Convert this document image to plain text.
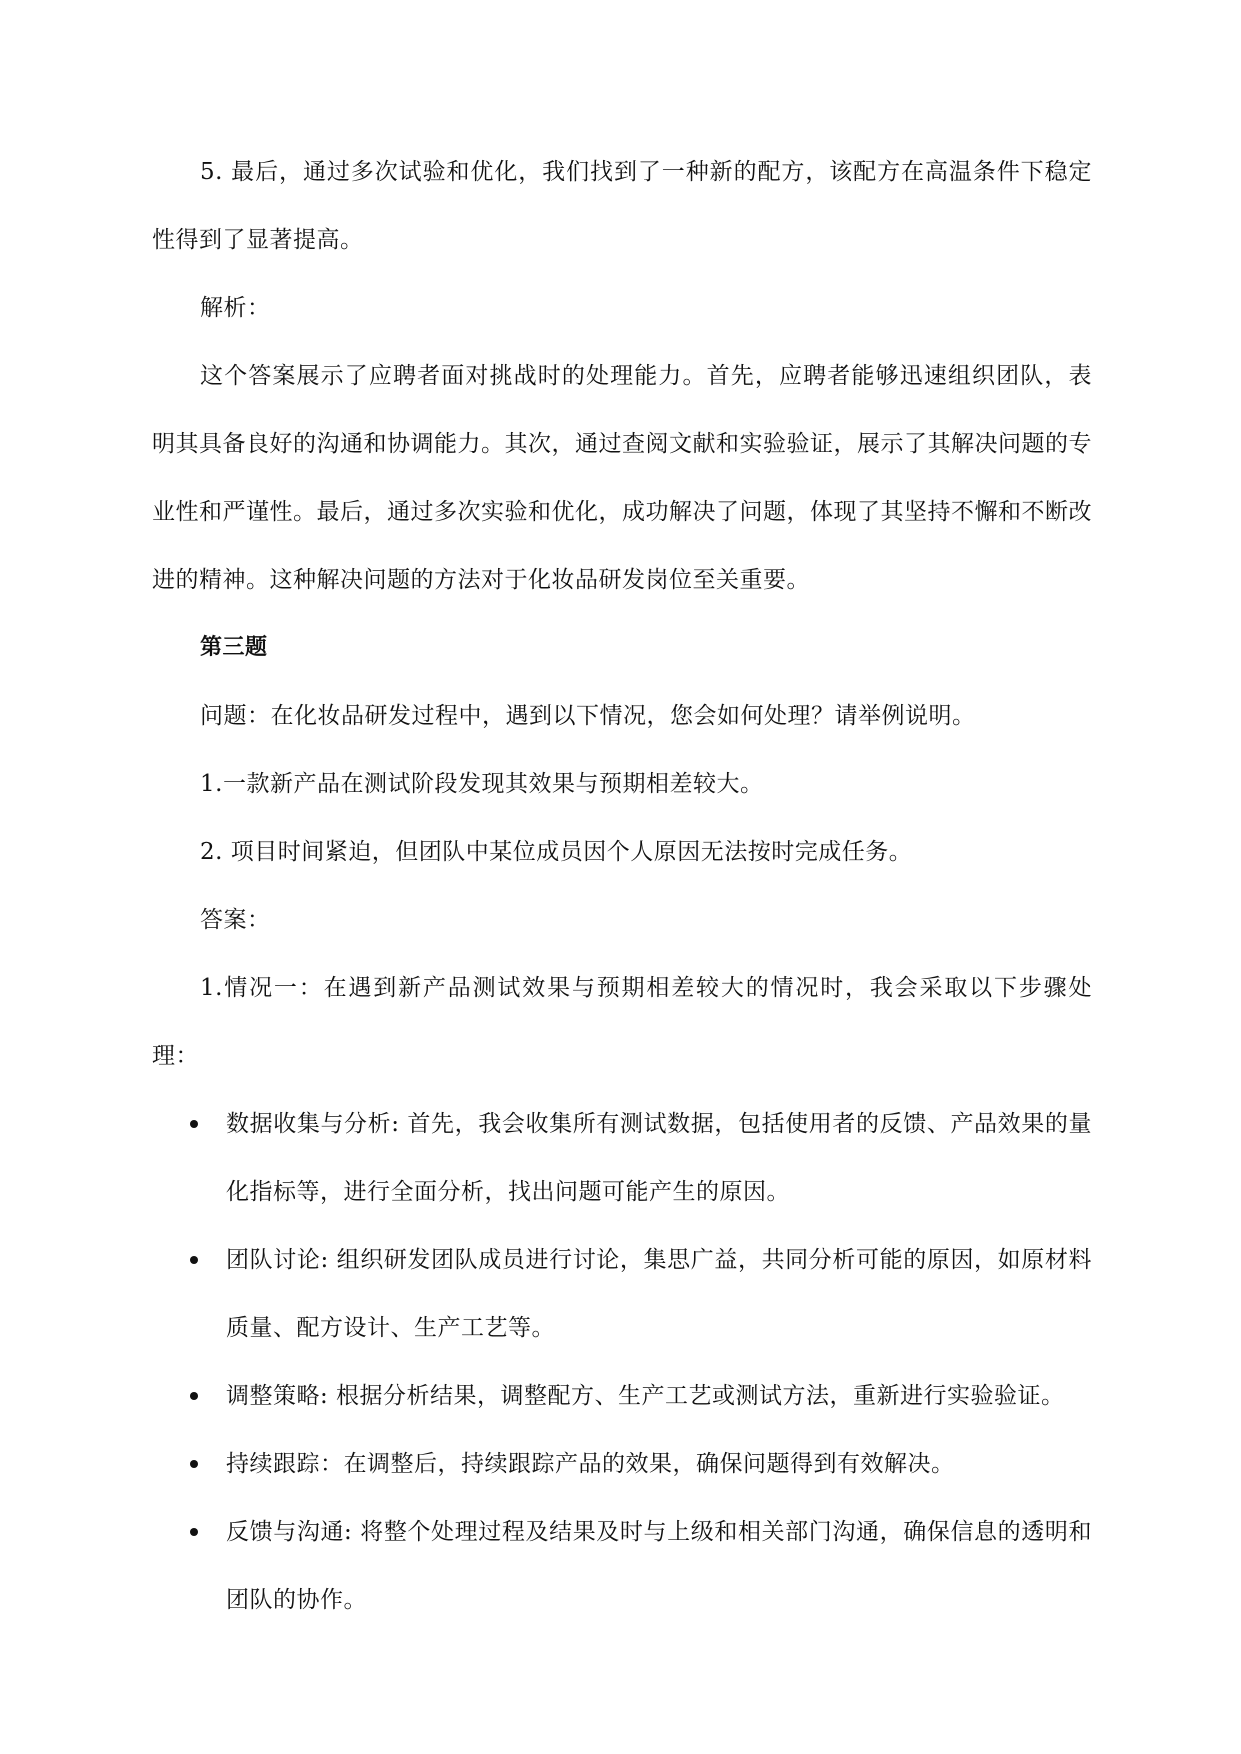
5. 最后，通过多次试验和优化，我们找到了一种新的配方，该配方在高温条件下稳定性得到了显著提高。

解析：

这个答案展示了应聘者面对挑战时的处理能力。首先，应聘者能够迅速组织团队，表明其具备良好的沟通和协调能力。其次，通过查阅文献和实验验证，展示了其解决问题的专业性和严谨性。最后，通过多次实验和优化，成功解决了问题，体现了其坚持不懈和不断改进的精神。这种解决问题的方法对于化妆品研发岗位至关重要。

第三题

问题：在化妆品研发过程中，遇到以下情况，您会如何处理？请举例说明。

1.一款新产品在测试阶段发现其效果与预期相差较大。

2. 项目时间紧迫，但团队中某位成员因个人原因无法按时完成任务。

答案：

1.情况一：在遇到新产品测试效果与预期相差较大的情况时，我会采取以下步骤处理：

数据收集与分析: 首先，我会收集所有测试数据，包括使用者的反馈、产品效果的量化指标等，进行全面分析，找出问题可能产生的原因。
团队讨论: 组织研发团队成员进行讨论，集思广益，共同分析可能的原因，如原材料质量、配方设计、生产工艺等。
调整策略: 根据分析结果，调整配方、生产工艺或测试方法，重新进行实验验证。
持续跟踪：在调整后，持续跟踪产品的效果，确保问题得到有效解决。
反馈与沟通: 将整个处理过程及结果及时与上级和相关部门沟通，确保信息的透明和团队的协作。
